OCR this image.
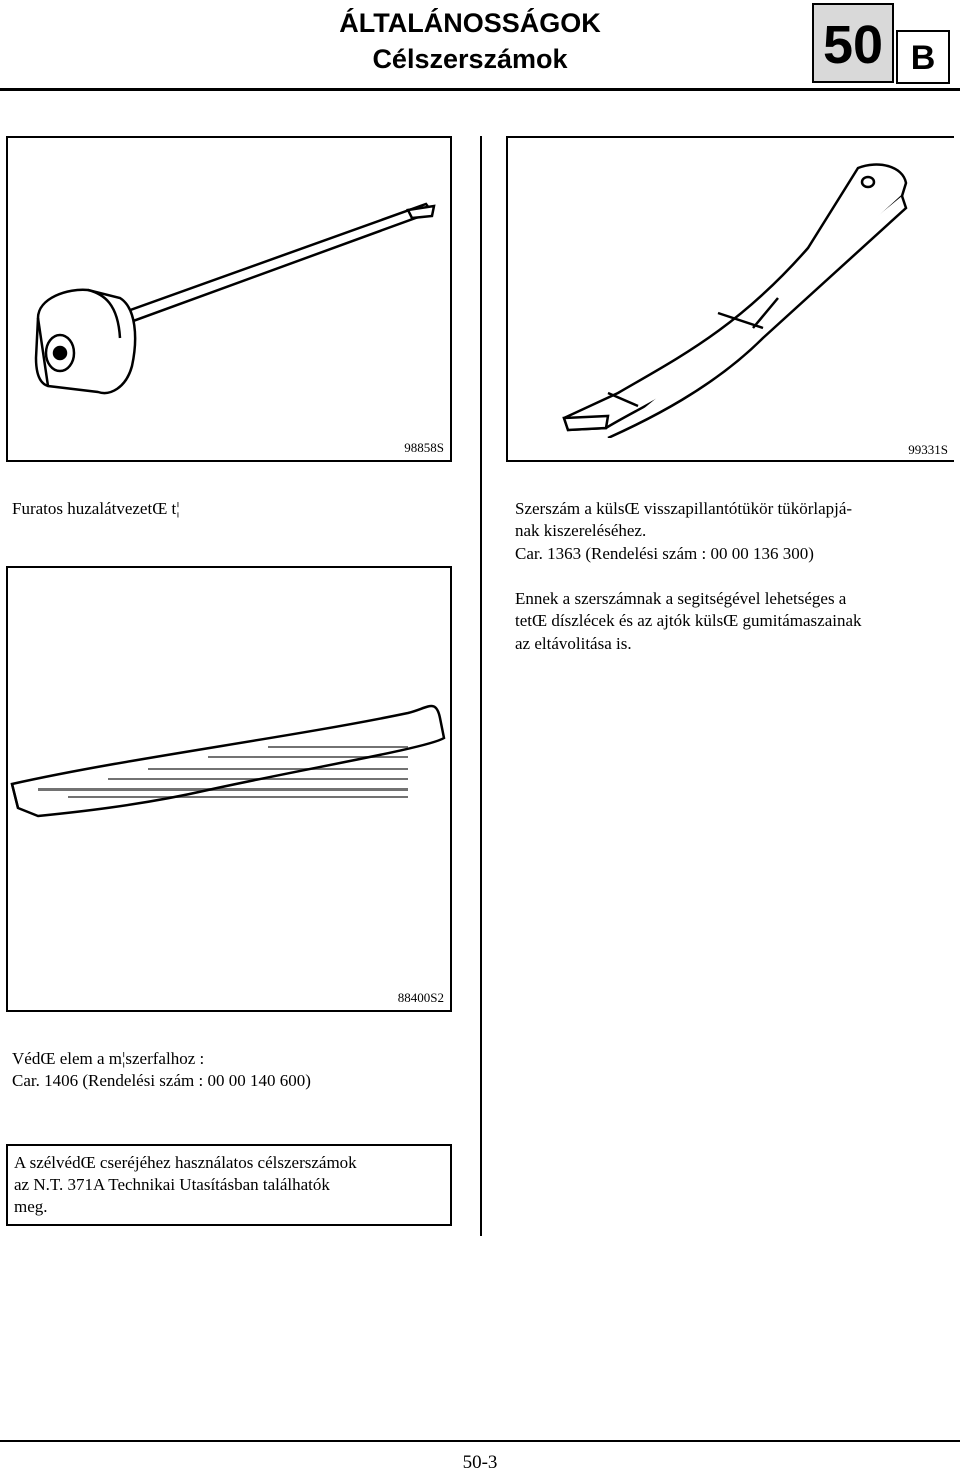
ÁLTALÁNOSSÁGOK
Célszerszámok	50 B
98858S	99331S
Furatos huzalátvezetŒ t¦	Szerszám a külsŒ visszapillantótükör tükörlapjá-
nak kiszereléséhez.
Car. 1363 (Rendelési szám : 00 00 136 300)
Ennek a szerszámnak a segitségével lehetséges a
tetŒ díszlécek és az ajtók külsŒ gumitámaszainak
az eltávolitása is.
88400S2
VédŒ elem a m¦szerfalhoz :
Car. 1406 (Rendelési szám : 00 00 140 600)
A szélvédŒ cseréjéhez használatos célszerszámok
az N.T. 371A Technikai Utasításban találhatók
meg.
50-3
